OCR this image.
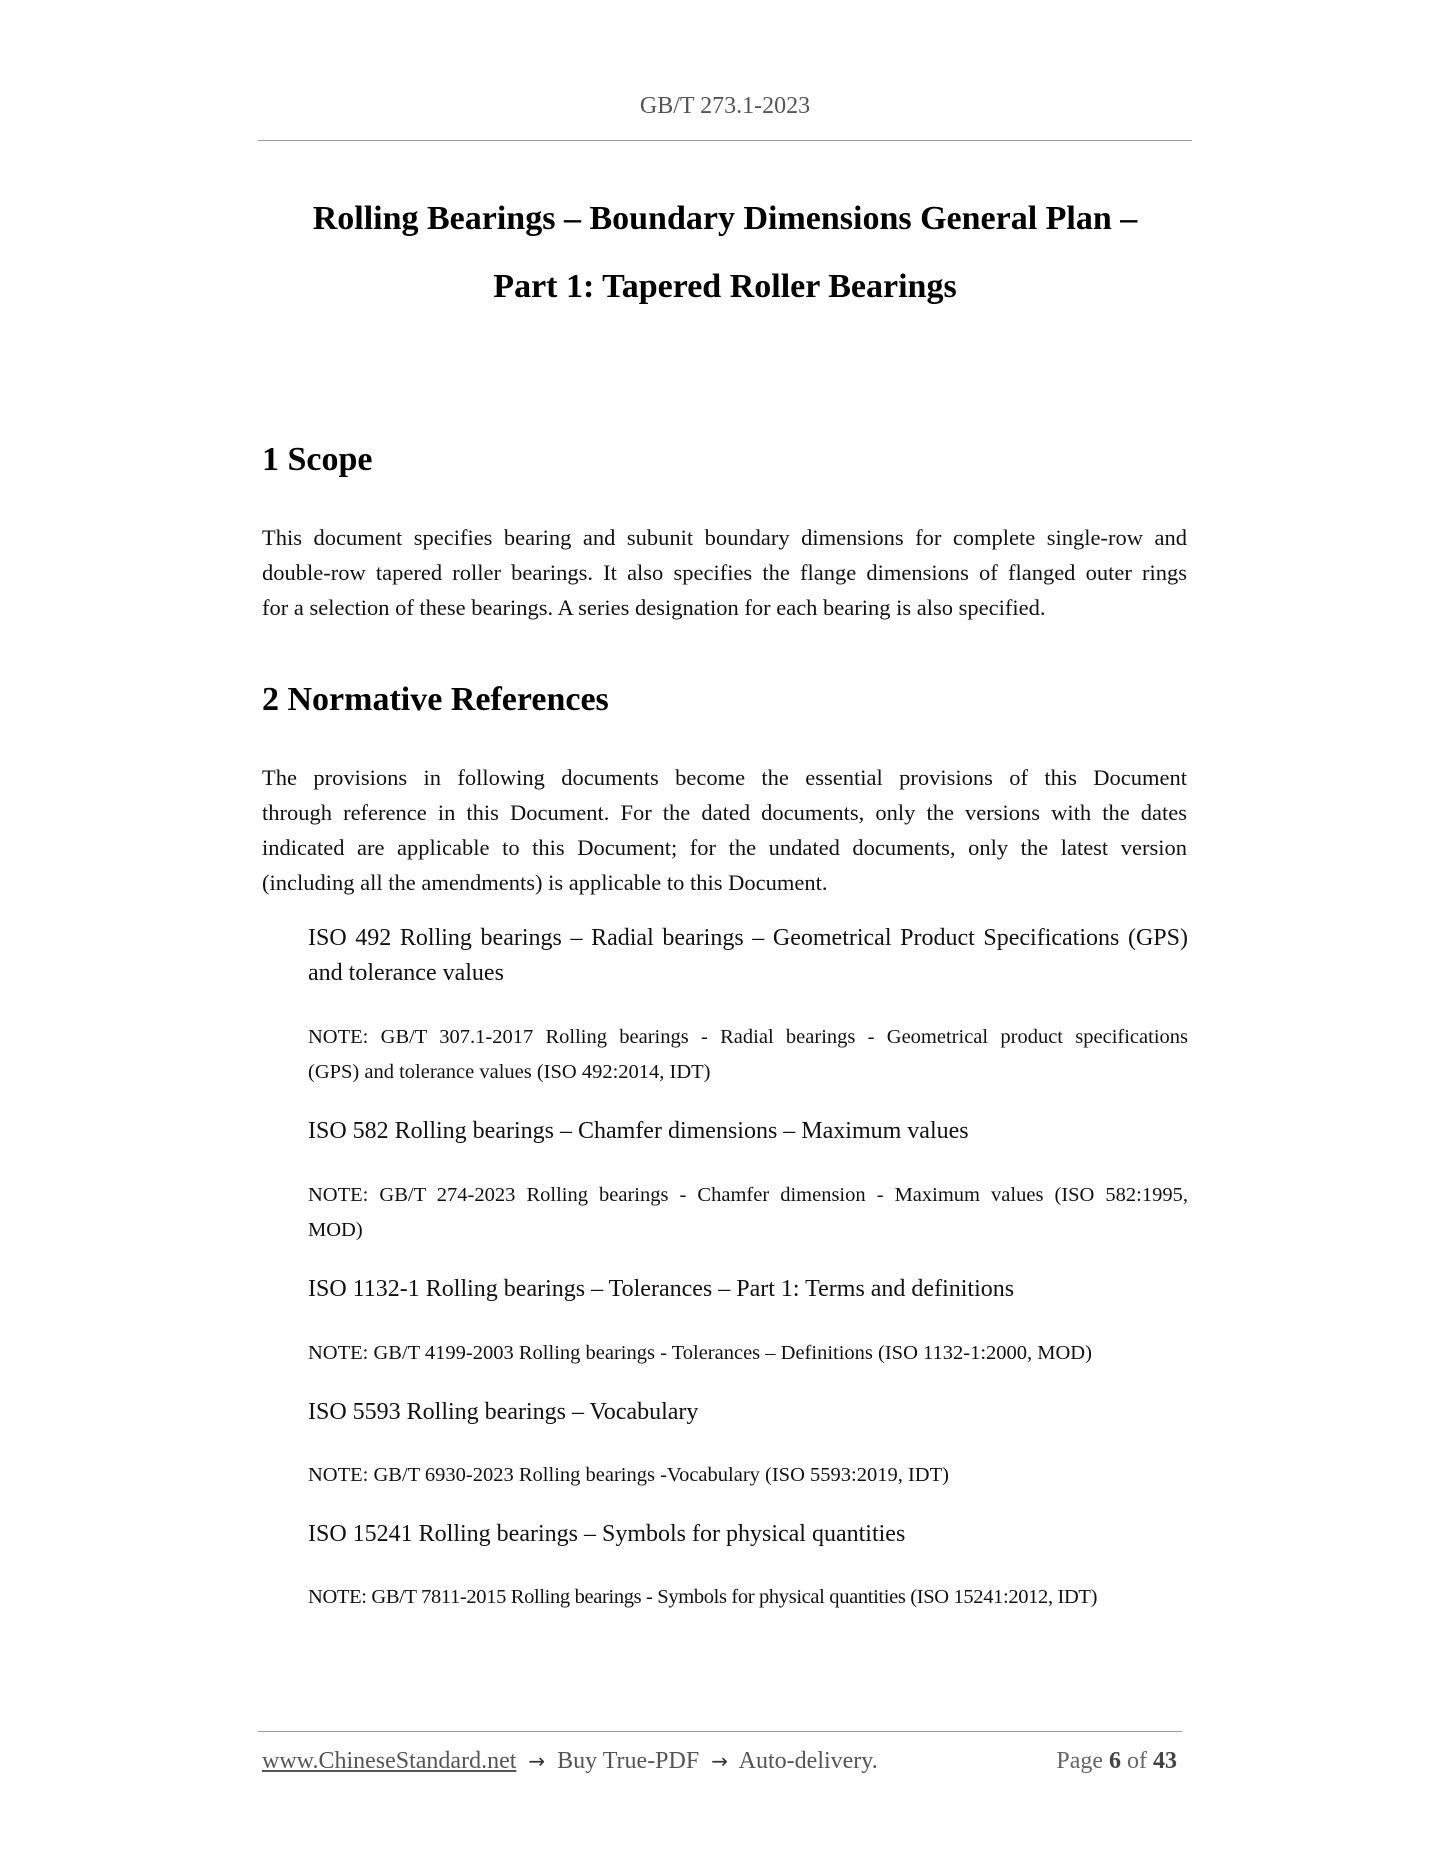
GB/T 273.1-2023
Rolling Bearings – Boundary Dimensions General Plan –
Part 1: Tapered Roller Bearings
1 Scope
This document specifies bearing and subunit boundary dimensions for complete single-row and
double-row tapered roller bearings. It also specifies the flange dimensions of flanged outer rings
for a selection of these bearings. A series designation for each bearing is also specified.
2 Normative References
The provisions in following documents become the essential provisions of this Document
through reference in this Document. For the dated documents, only the versions with the dates
indicated are applicable to this Document; for the undated documents, only the latest version
(including all the amendments) is applicable to this Document.
ISO 492 Rolling bearings – Radial bearings – Geometrical Product Specifications (GPS)
and tolerance values
NOTE: GB/T 307.1-2017 Rolling bearings - Radial bearings - Geometrical product specifications
(GPS) and tolerance values (ISO 492:2014, IDT)
ISO 582 Rolling bearings – Chamfer dimensions – Maximum values
NOTE: GB/T 274-2023 Rolling bearings - Chamfer dimension - Maximum values (ISO 582:1995,
MOD)
ISO 1132-1 Rolling bearings – Tolerances – Part 1: Terms and definitions
NOTE: GB/T 4199-2003 Rolling bearings - Tolerances – Definitions (ISO 1132-1:2000, MOD)
ISO 5593 Rolling bearings – Vocabulary
NOTE: GB/T 6930-2023 Rolling bearings -Vocabulary (ISO 5593:2019, IDT)
ISO 15241 Rolling bearings – Symbols for physical quantities
NOTE: GB/T 7811-2015 Rolling bearings - Symbols for physical quantities (ISO 15241:2012, IDT)
www.ChineseStandard.net → Buy True-PDF → Auto-delivery.	Page 6 of 43
